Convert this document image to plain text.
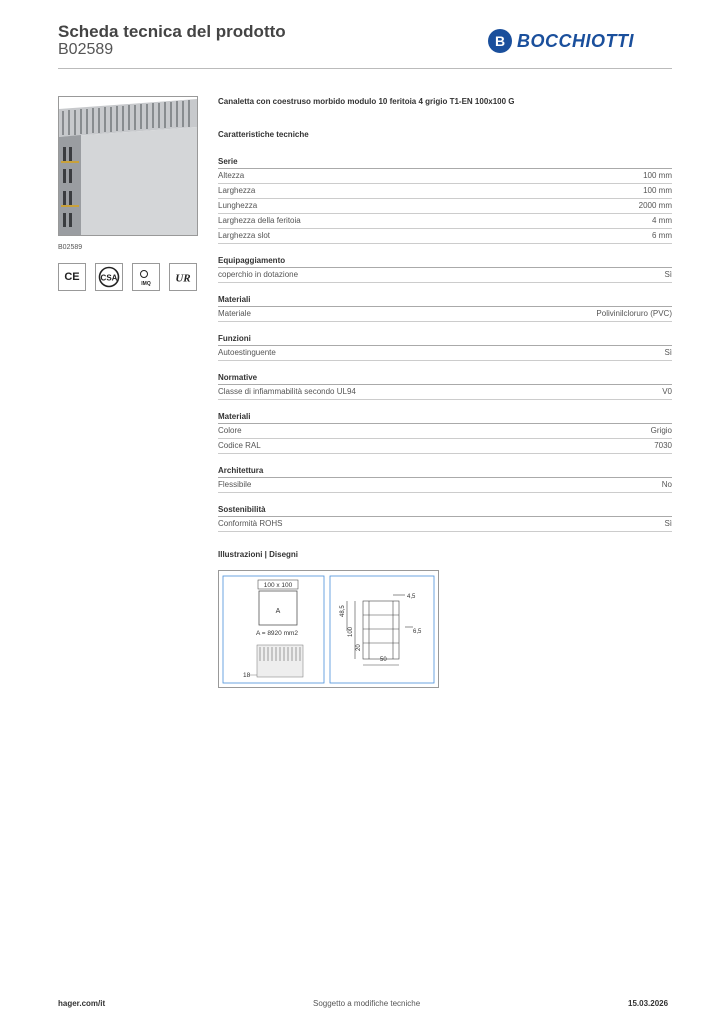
Scheda tecnica del prodotto
B02589	B BOCCHIOTTI
B02589
CE	CSA
IMQ UR
Canaletta con coestruso morbido modulo 10 feritoia 4 grigio T1-EN 100x100 G
Caratteristiche tecniche
Serie
Altezza	100 mm
Larghezza	100 mm
Lunghezza	2000 mm
Larghezza della feritoia	4 mm
Larghezza slot	6 mm
Equipaggiamento
coperchio in dotazione	Sì
Materiali
Materiale	Polivinilcloruro (PVC)
Funzioni
Autoestinguente	Sì
Normative
Classe di infiammabilità secondo UL94	V0
Materiali
Colore	Grigio
Codice RAL	7030
Architettura
Flessibile	No
Sostenibilità
Conformità ROHS	Sì
Illustrazioni | Disegni
100 x 100
A
A = 8920 mm2
18
48,5
100
20
4,5
6,5
50
hager.com/it	Soggetto a modifiche tecniche	15.03.2026
